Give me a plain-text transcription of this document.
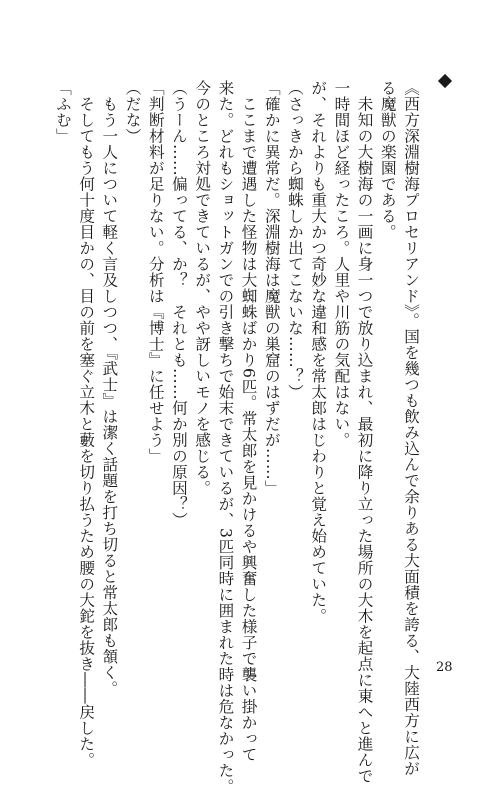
《西方深淵樹海プロセリアンド》。国を幾つも飲み込んで余りある大面積を誇る、大陸西方に広が
る魔獣の楽園である。
　未知の大樹海の一画に身一つで放り込まれ、最初に降り立った場所の大木を起点に東へと進んで
一時間ほど経ったころ。人里や川筋の気配はない。
が、それよりも重大かつ奇妙な違和感を常太郎はじわりと覚え始めていた。
（さっきから蜘蛛しか出てこないな……？）
「確かに異常だ。深淵樹海は魔獣の巣窟のはずだが……」
　ここまで遭遇した怪物は大蜘蛛ばかり6匹。常太郎を見かけるや興奮した様子で襲い掛かって
来た。どれもショットガンでの引き撃ちで始末できているが、3匹同時に囲まれた時は危なかった。
今のところ対処できているが、やや訝しいモノを感じる。
（うーん……偏ってる、か？　それとも……何か別の原因？）
「判断材料が足りない。分析は『博士』に任せよう」
（だな）
　もう一人について軽く言及しつつ、『武士』は潔く話題を打ち切ると常太郎も頷く。
　そしてもう何十度目かの、目の前を塞ぐ立木と藪を切り払うため腰の大鉈を抜き――戻した。
「ふむ」
28
